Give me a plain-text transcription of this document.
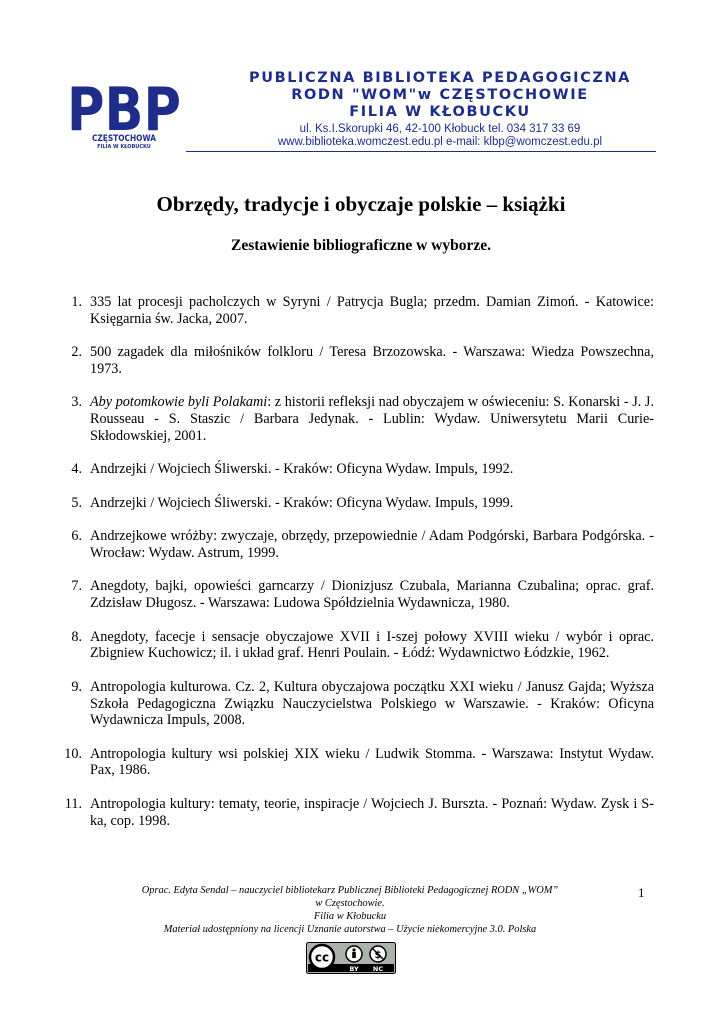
PBP
CZĘSTOCHOWA
FILIA W KŁOBUCKU
PUBLICZNA BIBLIOTEKA PEDAGOGICZNA
RODN "WOM"w CZĘSTOCHOWIE
FILIA W KŁOBUCKU
ul. Ks.I.Skorupki 46, 42-100 Kłobuck tel. 034 317 33 69
www.biblioteka.womczest.edu.pl e-mail: klbp@womczest.edu.pl
Obrzędy, tradycje i obyczaje polskie – książki
Zestawienie bibliograficzne w wyborze.
1. 335 lat procesji pacholczych w Syryni / Patrycja Bugla; przedm. Damian Zimoń. - Katowice: Księgarnia św. Jacka, 2007.
2. 500 zagadek dla miłośników folkloru / Teresa Brzozowska. - Warszawa: Wiedza Powszechna, 1973.
3. Aby potomkowie byli Polakami: z historii refleksji nad obyczajem w oświeceniu: S. Konarski - J. J. Rousseau - S. Staszic / Barbara Jedynak. - Lublin: Wydaw. Uniwersytetu Marii Curie-Skłodowskiej, 2001.
4. Andrzejki / Wojciech Śliwerski. - Kraków: Oficyna Wydaw. Impuls, 1992.
5. Andrzejki / Wojciech Śliwerski. - Kraków: Oficyna Wydaw. Impuls, 1999.
6. Andrzejkowe wróżby: zwyczaje, obrzędy, przepowiednie / Adam Podgórski, Barbara Podgórska. - Wrocław: Wydaw. Astrum, 1999.
7. Anegdoty, bajki, opowieści garncarzy / Dionizjusz Czubala, Marianna Czubalina; oprac. graf. Zdzisław Długosz. - Warszawa: Ludowa Spółdzielnia Wydawnicza, 1980.
8. Anegdoty, facecje i sensacje obyczajowe XVII i I-szej połowy XVIII wieku / wybór i oprac. Zbigniew Kuchowicz; il. i układ graf. Henri Poulain. - Łódź: Wydawnictwo Łódzkie, 1962.
9. Antropologia kulturowa. Cz. 2, Kultura obyczajowa początku XXI wieku / Janusz Gajda; Wyższa Szkoła Pedagogiczna Związku Nauczycielstwa Polskiego w Warszawie. - Kraków: Oficyna Wydawnicza Impuls, 2008.
10. Antropologia kultury wsi polskiej XIX wieku / Ludwik Stomma. - Warszawa: Instytut Wydaw. Pax, 1986.
11. Antropologia kultury: tematy, teorie, inspiracje / Wojciech J. Burszta. - Poznań: Wydaw. Zysk i S-ka, cop. 1998.
Oprac. Edyta Sendal – nauczyciel bibliotekarz Publicznej Biblioteki Pedagogicznej RODN „WOM”
w Częstochowie.
Filia w Kłobucku
Materiał udostępniony na licencji Uznanie autorstwa – Użycie niekomercyjne 3.0. Polska
1
cc	$
BY NC
